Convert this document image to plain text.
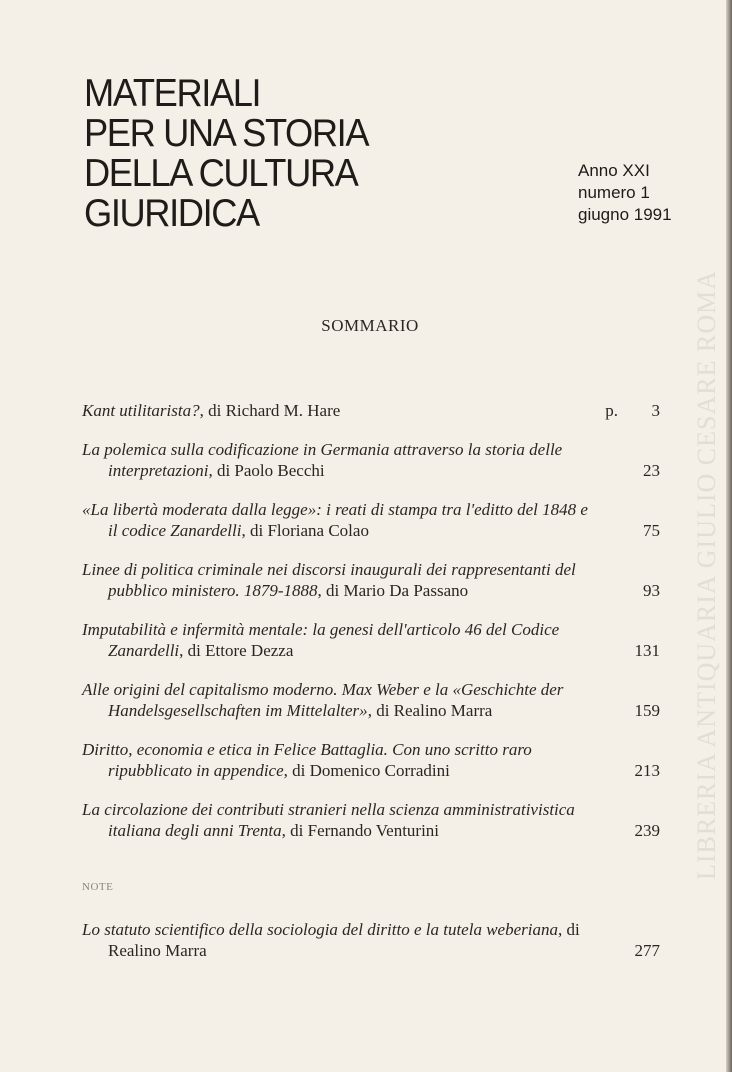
MATERIALI
PER UNA STORIA
DELLA CULTURA
GIURIDICA
Anno XXI
numero 1
giugno 1991
SOMMARIO
Kant utilitarista?, di Richard M. Hare	p. 3
La polemica sulla codificazione in Germania attraverso la storia delle interpretazioni, di Paolo Becchi	23
«La libertà moderata dalla legge»: i reati di stampa tra l'editto del 1848 e il codice Zanardelli, di Floriana Colao	75
Linee di politica criminale nei discorsi inaugurali dei rappresentanti del pubblico ministero. 1879-1888, di Mario Da Passano	93
Imputabilità e infermità mentale: la genesi dell'articolo 46 del Codice Zanardelli, di Ettore Dezza	131
Alle origini del capitalismo moderno. Max Weber e la «Geschichte der Handelsgesellschaften im Mittelalter», di Realino Marra	159
Diritto, economia e etica in Felice Battaglia. Con uno scritto raro ripubblicato in appendice, di Domenico Corradini	213
La circolazione dei contributi stranieri nella scienza amministrativistica italiana degli anni Trenta, di Fernando Venturini	239
NOTE
Lo statuto scientifico della sociologia del diritto e la tutela weberiana, di Realino Marra	277
LIBRERIA ANTIQUARIA GIULIO CESARE ROMA
